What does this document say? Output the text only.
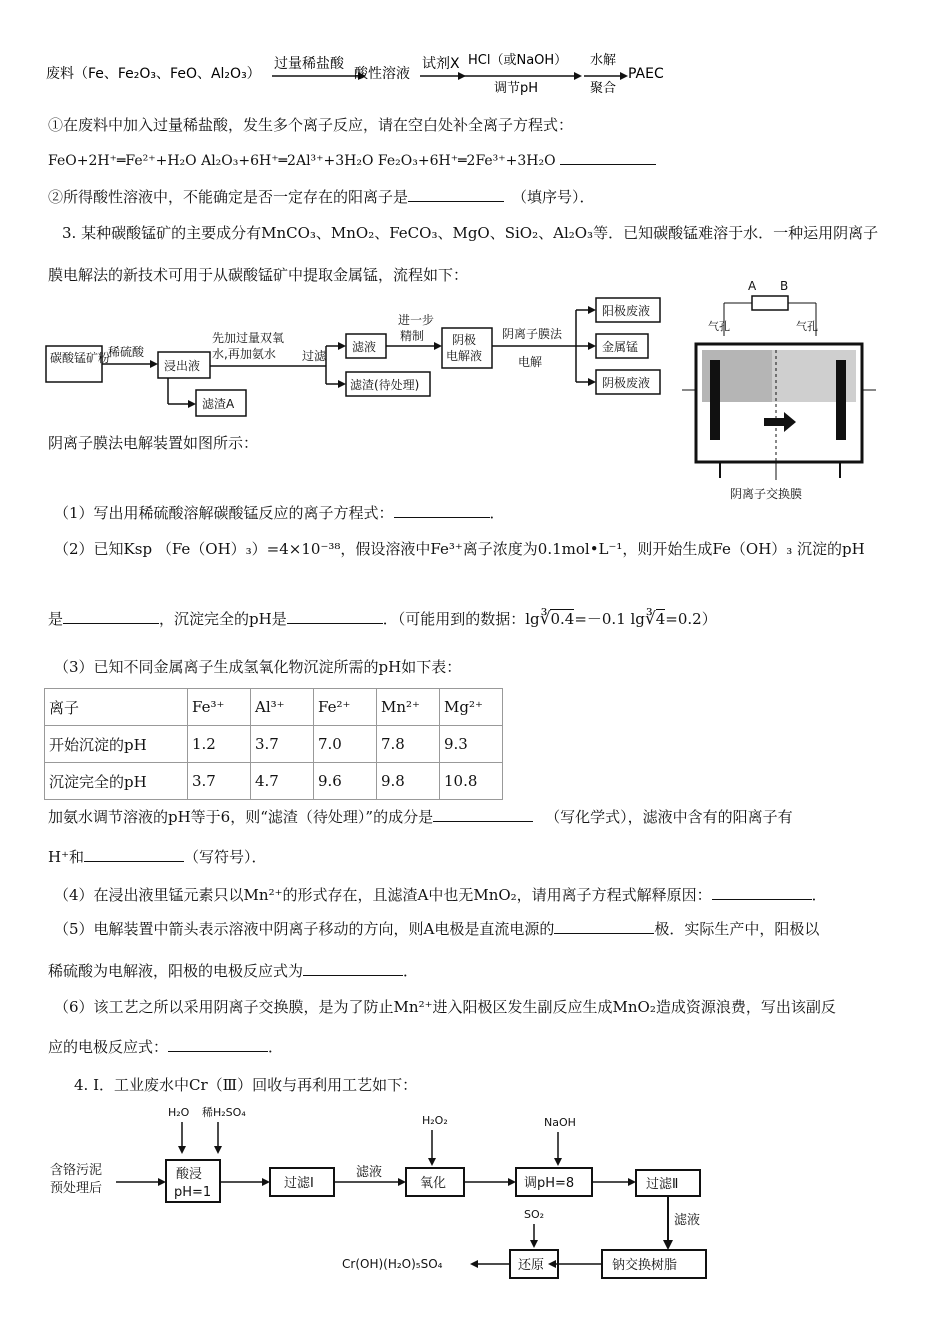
废料（Fe、Fe₂O₃、FeO、Al₂O₃）
过量稀盐酸
酸性溶液
试剂X HCl（或NaOH）
调节pH
水解
聚合
PAEC
①在废料中加入过量稀盐酸，发生多个离子反应，请在空白处补全离子方程式：
FeO+2H⁺═Fe²⁺+H₂O Al₂O₃+6H⁺═2Al³⁺+3H₂O Fe₂O₃+6H⁺═2Fe³⁺+3H₂O
②所得酸性溶液中，不能确定是否一定存在的阳离子是	（填序号）．
3. 某种碳酸锰矿的主要成分有MnCO₃、MnO₂、FeCO₃、MgO、SiO₂、Al₂O₃等．已知碳酸锰难溶于水．一种运用阴离子
膜电解法的新技术可用于从碳酸锰矿中提取金属锰，流程如下：
碳酸锰矿粉
稀硫酸
浸出液
滤渣A
先加过量双氧
水,再加氨水 过滤
滤液
滤渣(待处理)
进一步
精制 阴极
电解液
阴离子膜法
电解
阳极废液
金属锰
阴极废液
A B
气孔	气孔
阴离子交换膜
阴离子膜法电解装置如图所示：
（1）写出用稀硫酸溶解碳酸锰反应的离子方程式：	．
（2）已知Ksp （Fe（OH）₃）=4×10⁻³⁸，假设溶液中Fe³⁺离子浓度为0.1mol•L⁻¹，则开始生成Fe（OH）₃ 沉淀的pH
是	，沉淀完全的pH是	．（可能用到的数据：lg∛0.4=－0.1 lg∛4=0.2）
（3）已知不同金属离子生成氢氧化物沉淀所需的pH如下表：
离子	Fe³⁺	Al³⁺	Fe²⁺	Mn²⁺	Mg²⁺
开始沉淀的pH	1.2	3.7	7.0	7.8	9.3
沉淀完全的pH	3.7	4.7	9.6	9.8	10.8
加氨水调节溶液的pH等于6，则“滤渣（待处理）”的成分是	（写化学式），滤液中含有的阳离子有
H⁺和	（写符号）．
（4）在浸出液里锰元素只以Mn²⁺的形式存在，且滤渣A中也无MnO₂，请用离子方程式解释原因：	．
（5）电解装置中箭头表示溶液中阴离子移动的方向，则A电极是直流电源的	极．实际生产中，阳极以
稀硫酸为电解液，阳极的电极反应式为	．
（6）该工艺之所以采用阴离子交换膜，是为了防止Mn²⁺进入阳极区发生副反应生成MnO₂造成资源浪费，写出该副反
应的电极反应式：	．
4. Ⅰ．工业废水中Cr（Ⅲ）回收与再利用工艺如下：
H₂O 稀H₂SO₄
含铬污泥
预处理后
酸浸
pH=1
过滤Ⅰ
滤液
H₂O₂
氧化
NaOH
调pH=8	过滤Ⅱ
滤液
钠交换树脂
SO₂
还原
Cr(OH)(H₂O)₅SO₄
